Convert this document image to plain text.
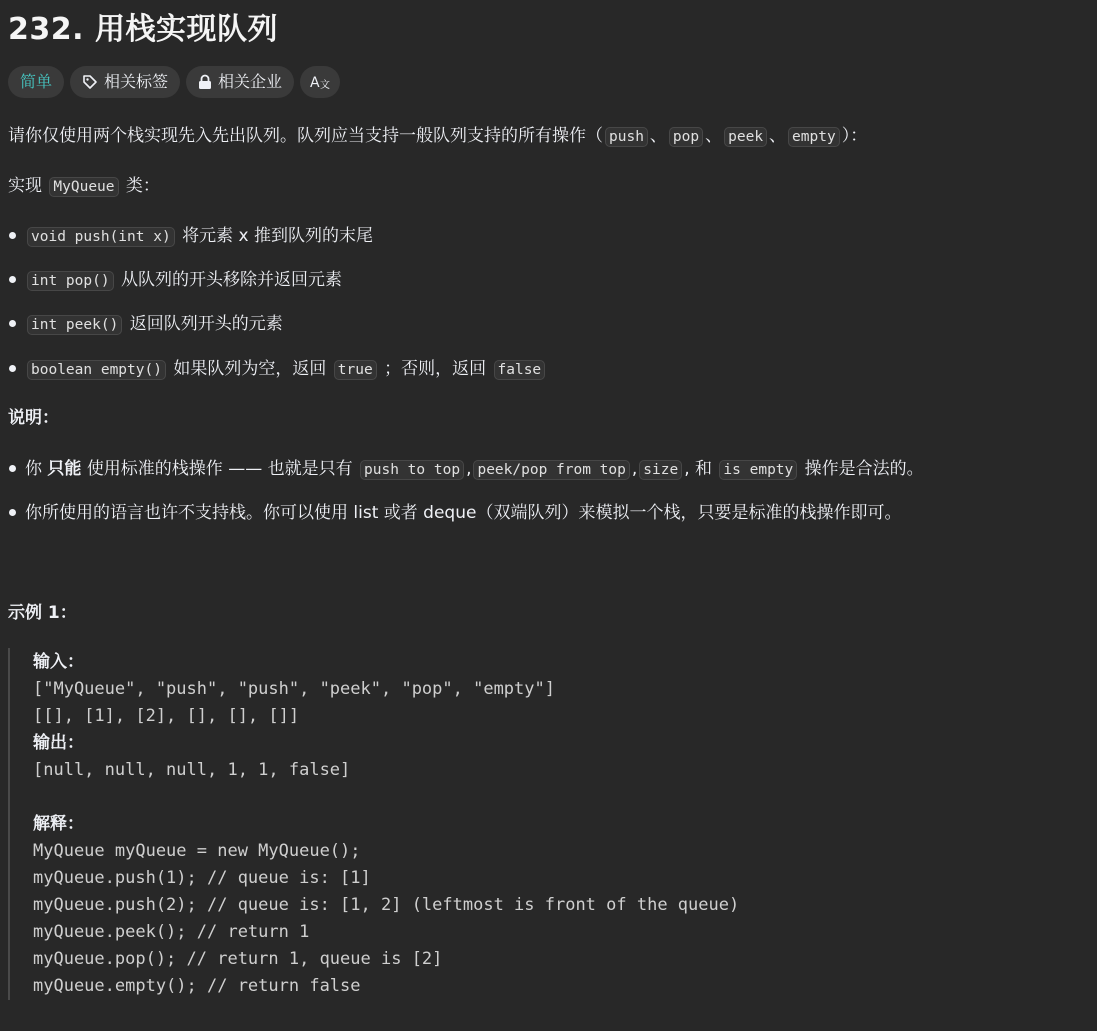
232. 用栈实现队列
简单	相关标签	相关企业 A 文
请你仅使用两个栈实现先入先出队列。队列应当支持一般队列支持的所有操作（ push 、 pop 、 peek 、 empty ）：
实现 MyQueue 类：
void push(int x) 将元素 x 推到队列的末尾
int pop() 从队列的开头移除并返回元素
int peek() 返回队列开头的元素
boolean empty() 如果队列为空，返回 true ；否则，返回 false
说明：
你 只能 使用标准的栈操作 —— 也就是只有 push to top , peek/pop from top , size , 和 is empty 操作是合法的。
你所使用的语言也许不支持栈。你可以使用 list 或者 deque（双端队列）来模拟一个栈，只要是标准的栈操作即可。
示例 1：
输入：
["MyQueue", "push", "push", "peek", "pop", "empty"]
[[], [1], [2], [], [], []]
输出：
[null, null, null, 1, 1, false]
解释：
MyQueue myQueue = new MyQueue();
myQueue.push(1); // queue is: [1]
myQueue.push(2); // queue is: [1, 2] (leftmost is front of the queue)
myQueue.peek(); // return 1
myQueue.pop(); // return 1, queue is [2]
myQueue.empty(); // return false
